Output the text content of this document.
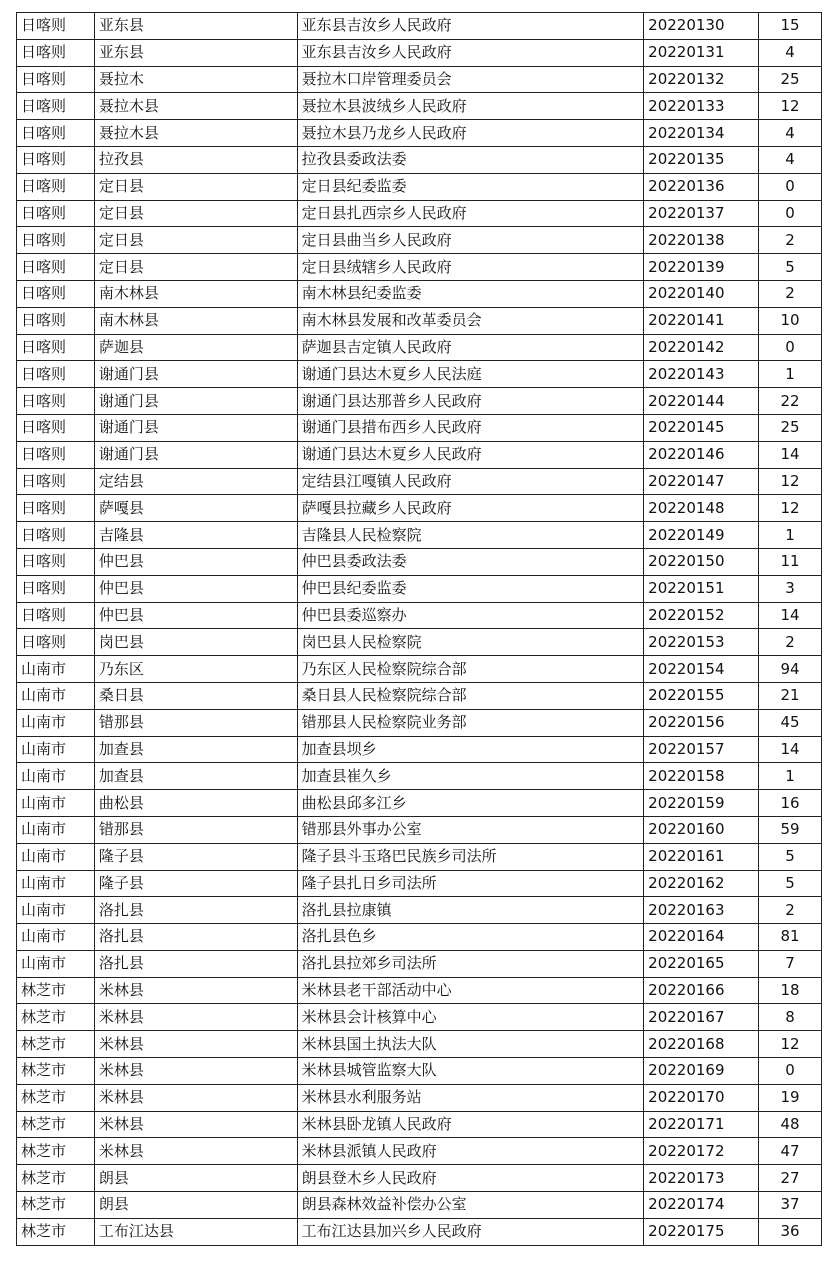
日喀则	亚东县	亚东县吉汝乡人民政府	20220130	15
日喀则	亚东县	亚东县吉汝乡人民政府	20220131	4
日喀则	聂拉木	聂拉木口岸管理委员会	20220132	25
日喀则	聂拉木县	聂拉木县波绒乡人民政府	20220133	12
日喀则	聂拉木县	聂拉木县乃龙乡人民政府	20220134	4
日喀则	拉孜县	拉孜县委政法委	20220135	4
日喀则	定日县	定日县纪委监委	20220136	0
日喀则	定日县	定日县扎西宗乡人民政府	20220137	0
日喀则	定日县	定日县曲当乡人民政府	20220138	2
日喀则	定日县	定日县绒辖乡人民政府	20220139	5
日喀则	南木林县	南木林县纪委监委	20220140	2
日喀则	南木林县	南木林县发展和改革委员会	20220141	10
日喀则	萨迦县	萨迦县吉定镇人民政府	20220142	0
日喀则	谢通门县	谢通门县达木夏乡人民法庭	20220143	1
日喀则	谢通门县	谢通门县达那普乡人民政府	20220144	22
日喀则	谢通门县	谢通门县措布西乡人民政府	20220145	25
日喀则	谢通门县	谢通门县达木夏乡人民政府	20220146	14
日喀则	定结县	定结县江嘎镇人民政府	20220147	12
日喀则	萨嘎县	萨嘎县拉藏乡人民政府	20220148	12
日喀则	吉隆县	吉隆县人民检察院	20220149	1
日喀则	仲巴县	仲巴县委政法委	20220150	11
日喀则	仲巴县	仲巴县纪委监委	20220151	3
日喀则	仲巴县	仲巴县委巡察办	20220152	14
日喀则	岗巴县	岗巴县人民检察院	20220153	2
山南市	乃东区	乃东区人民检察院综合部	20220154	94
山南市	桑日县	桑日县人民检察院综合部	20220155	21
山南市	错那县	错那县人民检察院业务部	20220156	45
山南市	加查县	加查县坝乡	20220157	14
山南市	加查县	加查县崔久乡	20220158	1
山南市	曲松县	曲松县邱多江乡	20220159	16
山南市	错那县	错那县外事办公室	20220160	59
山南市	隆子县	隆子县斗玉珞巴民族乡司法所	20220161	5
山南市	隆子县	隆子县扎日乡司法所	20220162	5
山南市	洛扎县	洛扎县拉康镇	20220163	2
山南市	洛扎县	洛扎县色乡	20220164	81
山南市	洛扎县	洛扎县拉郊乡司法所	20220165	7
林芝市	米林县	米林县老干部活动中心	20220166	18
林芝市	米林县	米林县会计核算中心	20220167	8
林芝市	米林县	米林县国土执法大队	20220168	12
林芝市	米林县	米林县城管监察大队	20220169	0
林芝市	米林县	米林县水利服务站	20220170	19
林芝市	米林县	米林县卧龙镇人民政府	20220171	48
林芝市	米林县	米林县派镇人民政府	20220172	47
林芝市	朗县	朗县登木乡人民政府	20220173	27
林芝市	朗县	朗县森林效益补偿办公室	20220174	37
林芝市	工布江达县	工布江达县加兴乡人民政府	20220175	36
